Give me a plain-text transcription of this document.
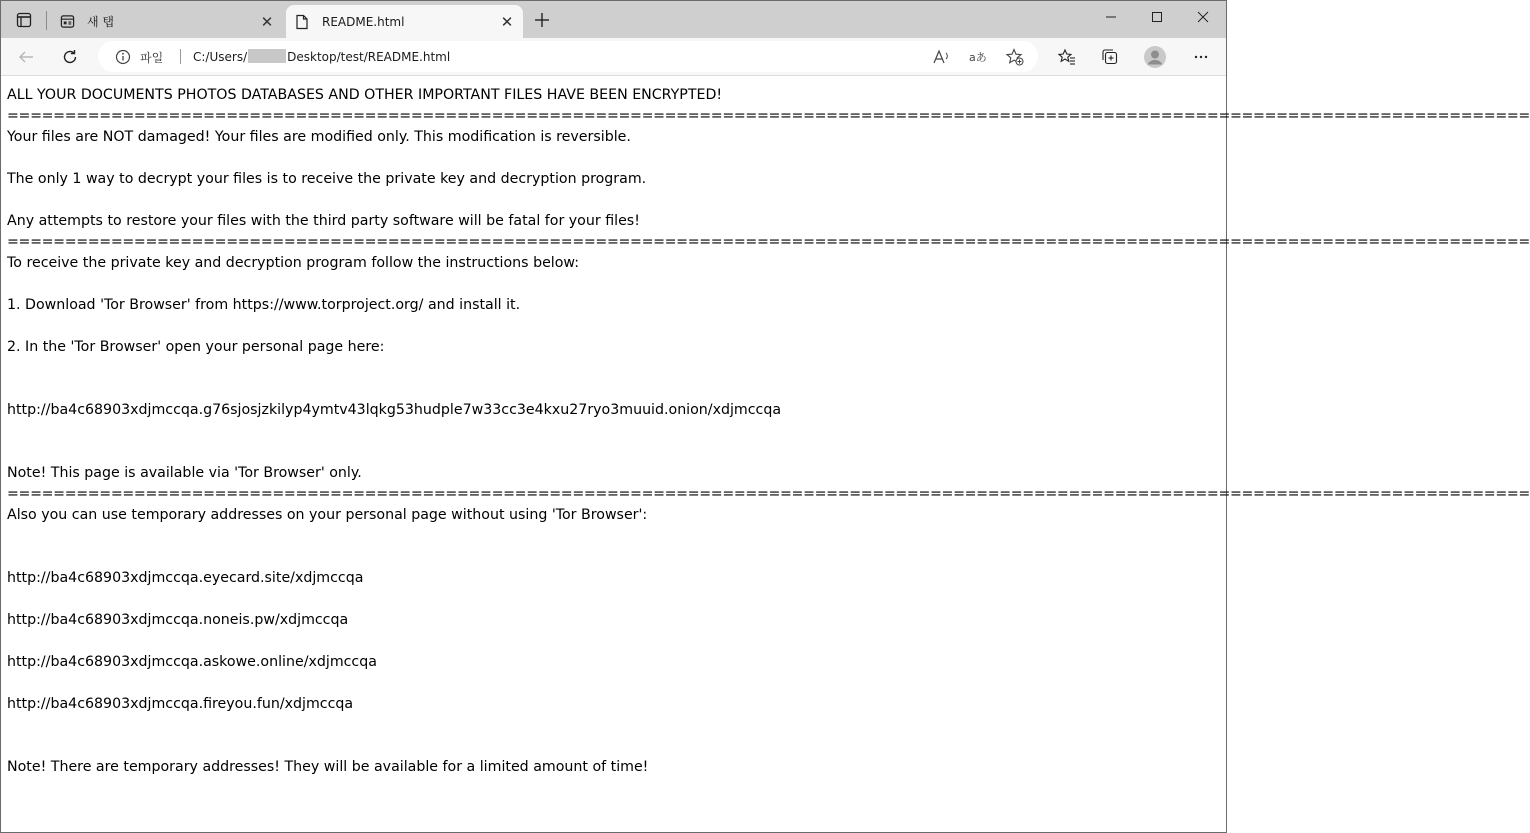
새 탭	✕	README.html	✕
파일 C:/Users/	Desktop/test/README.html	aあ
ALL YOUR DOCUMENTS PHOTOS DATABASES AND OTHER IMPORTANT FILES HAVE BEEN ENCRYPTED!
====================================================================================================================================
Your files are NOT damaged! Your files are modified only. This modification is reversible.
The only 1 way to decrypt your files is to receive the private key and decryption program.
Any attempts to restore your files with the third party software will be fatal for your files!
====================================================================================================================================
To receive the private key and decryption program follow the instructions below:
1. Download 'Tor Browser' from https://www.torproject.org/ and install it.
2. In the 'Tor Browser' open your personal page here:
http://ba4c68903xdjmccqa.g76sjosjzkilyp4ymtv43lqkg53hudple7w33cc3e4kxu27ryo3muuid.onion/xdjmccqa
Note! This page is available via 'Tor Browser' only.
====================================================================================================================================
Also you can use temporary addresses on your personal page without using 'Tor Browser':
http://ba4c68903xdjmccqa.eyecard.site/xdjmccqa
http://ba4c68903xdjmccqa.noneis.pw/xdjmccqa
http://ba4c68903xdjmccqa.askowe.online/xdjmccqa
http://ba4c68903xdjmccqa.fireyou.fun/xdjmccqa
Note! There are temporary addresses! They will be available for a limited amount of time!
